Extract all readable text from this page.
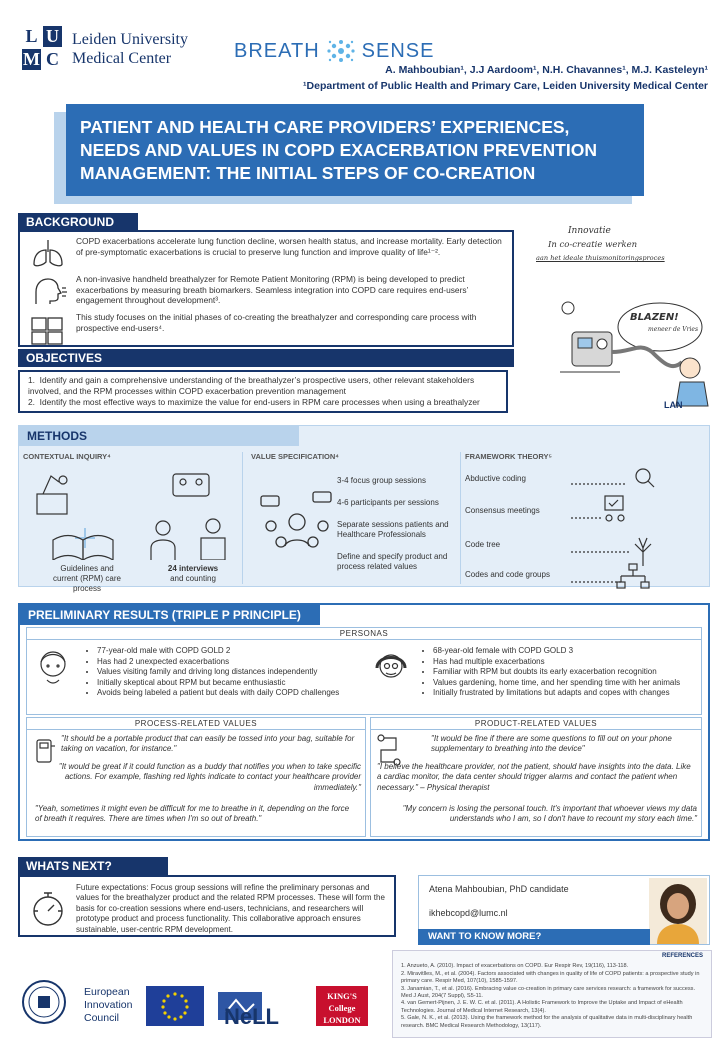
L U
M C
Leiden University
Medical Center	BREATH SENSE
A. Mahboubian¹, J.J Aardoom¹, N.H. Chavannes¹, M.J. Kasteleyn¹
¹Department of Public Health and Primary Care, Leiden University Medical Center
PATIENT AND HEALTH CARE PROVIDERS’ EXPERIENCES, NEEDS AND VALUES IN COPD EXACERBATION PREVENTION MANAGEMENT: THE INITIAL STEPS OF CO-CREATION
BACKGROUND
COPD exacerbations accelerate lung function decline, worsen health status, and increase mortality. Early detection of pre-symptomatic exacerbations is crucial to preserve lung function and improve quality of life¹⁻².
A non-invasive handheld breathalyzer for Remote Patient Monitoring (RPM) is being developed to predict exacerbations by measuring breath biomarkers. Seamless integration into COPD care requires end-users’ engagement throughout development³.
This study focuses on the initial phases of co-creating the breathalyzer and corresponding care process with prospective end-users⁴.
Innovatie
In co-creatie werken
aan het ideale thuismonitoringsproces
BLAZEN!
meneer de Vries
LAN
OBJECTIVES
1.  Identify and gain a comprehensive understanding of the breathalyzer’s prospective users, other relevant stakeholders involved, and the RPM processes within COPD exacerbation prevention management
2.  Identify the most effective ways to maximize the value for end-users in RPM care processes when using a breathalyzer
METHODS
CONTEXTUAL INQUIRY⁴
Guidelines and current (RPM) care process
24 interviews
and counting
VALUE SPECIFICATION⁴
3-4 focus group sessions
4-6 participants per sessions
Separate sessions patients and Healthcare Professionals
Define and specify product and process related values
FRAMEWORK THEORY⁵
Abductive coding
Consensus meetings
Code tree
Codes and code groups
PRELIMINARY RESULTS (TRIPLE P PRINCIPLE)
PERSONAS
• 77-year-old male with COPD GOLD 2
• Has had 2 unexpected exacerbations
• Values visiting family and driving long distances independently
• Initially skeptical about RPM but became enthusiastic
• Avoids being labeled a patient but deals with daily COPD challenges
• 68-year-old female with COPD GOLD 3
• Has had multiple exacerbations
• Familiar with RPM but doubts its early exacerbation recognition
• Values gardening, home time, and her spending time with her animals
• Initially frustrated by limitations but adapts and copes with changes
PROCESS-RELATED VALUES
"It should be a portable product that can easily be tossed into your bag, suitable for taking on vacation, for instance."
"It would be great if it could function as a buddy that notifies you when to take specific actions. For example, flashing red lights indicate to contact your healthcare provider immediately."
"Yeah, sometimes it might even be difficult for me to breathe in it, depending on the force of breath it requires. There are times when I'm so out of breath."
PRODUCT-RELATED VALUES
"It would be fine if there are some questions to fill out on your phone supplementary to breathing into the device"
"I believe the healthcare provider, not the patient, should have insights into the data. Like a cardiac monitor, the data center should trigger alarms and contact the patient when necessary." – Physical therapist
"My concern is losing the personal touch. It's important that whoever views my data understands who I am, so I don't have to recount my story each time."
WHATS NEXT?
Future expectations: Focus group sessions will refine the preliminary personas and values for the breathalyzer product and the related RPM processes. These will form the basis for co-creation sessions where end-users, technicians, and researchers will prototype product and process functionality. This collaborative approach ensures sustainable, user-centric RPM development.
Atena Mahboubian, PhD candidate
ikhebcopd@lumc.nl
WANT TO KNOW MORE?
REFERENCES
1. Anzueto, A. (2010). Impact of exacerbations on COPD. Eur Respir Rev, 19(116), 113-118.
2. Miravitlles, M., et al. (2004). Factors associated with changes in quality of life of COPD patients: a prospective study in primary care. Respir Med, 107(10), 1585-1597.
3. Janamian, T., et al. (2016). Embracing value co-creation in primary care services research: a framework for success. Med J Aust, 204(7 Suppl), S5-11.
4. van Gemert-Pijnen, J. E. W. C. et al. (2011). A Holistic Framework to Improve the Uptake and Impact of eHealth Technologies. Journal of Medical Internet Research, 13(4).
5. Gale, N. K., et al. (2013). Using the framework method for the analysis of qualitative data in multi-disciplinary health research. BMC Medical Research Methodology, 13(117).
European
Innovation
Council	NeLL
KING'S
College
LONDON
